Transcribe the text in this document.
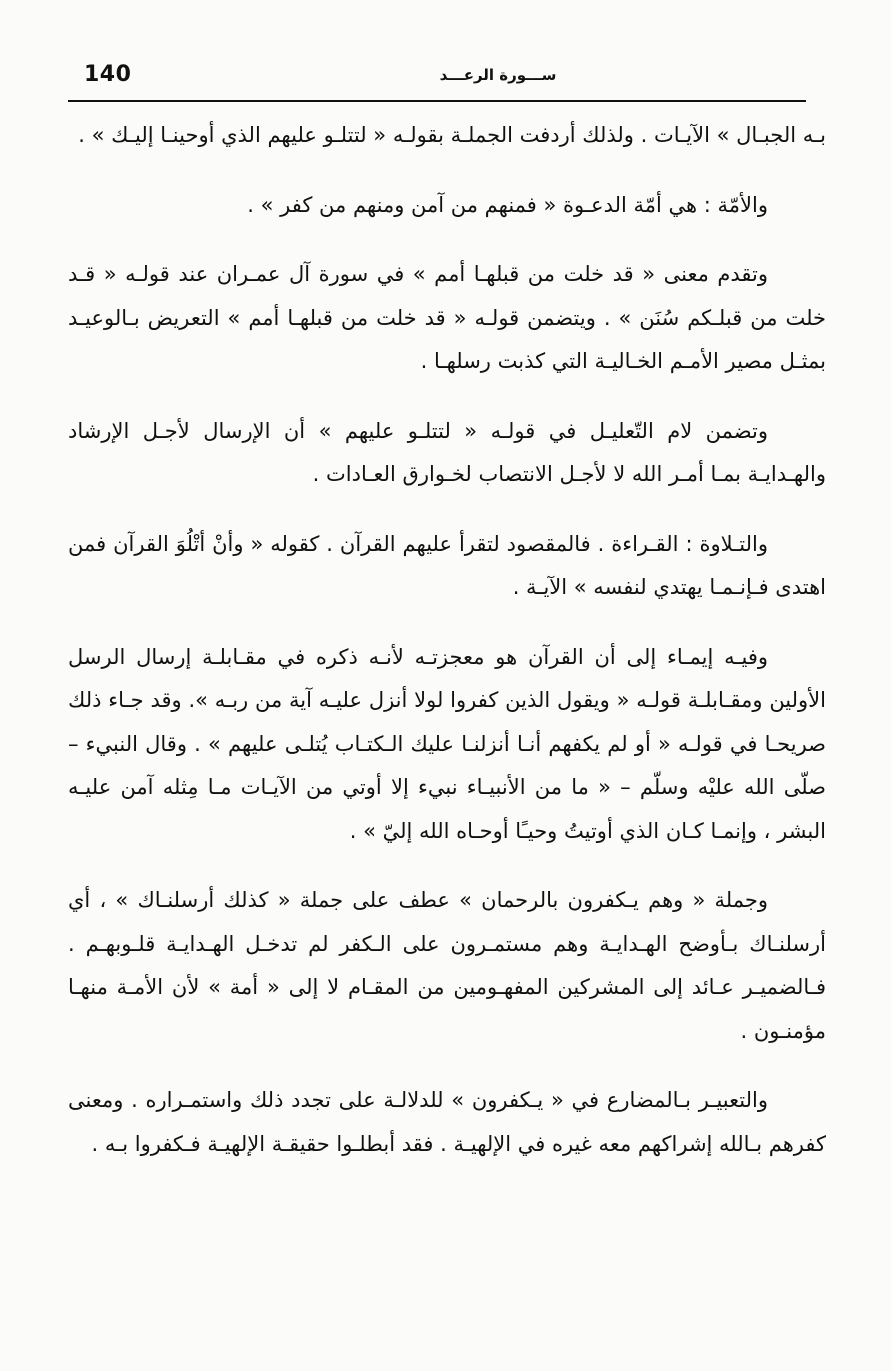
140	ســـورة الرعـــد

بـه الجبـال » الآيـات . ولذلك أردفت الجملـة بقولـه « لتتلـو عليهم الذي أوحينـا إليـك » .

والأمّة : هي أمّة الدعـوة « فمنهم من آمن ومنهم من كفر » .

وتقدم معنى « قد خلت من قبلهـا أمم » في سورة آل عمـران عند قولـه « قـد خلت من قبلـكم سُنَن » . ويتضمن قولـه « قد خلت من قبلهـا أمم » التعريض بـالوعيـد بمثـل مصير الأمـم الخـاليـة التي كذبت رسلهـا .

وتضمن لام التّعليـل في قولـه « لتتلـو عليهم » أن الإرسال لأجـل الإرشاد والهـدايـة بمـا أمـر الله لا لأجـل الانتصاب لخـوارق العـادات .

والتـلاوة : القـراءة . فالمقصود لتقرأ عليهم القرآن . كقوله « وأنْ أتْلُوَ القرآن فمن اهتدى فـإنـمـا يهتدي لنفسه » الآيـة .

وفيـه إيمـاء إلى أن القرآن هو معجزتـه لأنـه ذكره في مقـابلـة إرسال الرسل الأولين ومقـابلـة قولـه « ويقول الذين كفروا لولا أنزل عليـه آية من ربـه ». وقد جـاء ذلك صريحـا في قولـه « أو لم يكفهم أنـا أنزلنـا عليك الـكتـاب يُتلـى عليهم » . وقال النبيء – صلّى الله عليْه وسلّم – « ما من الأنبيـاء نبيء إلا أوتي من الآيـات مـا مِثله آمن عليـه البشر ، وإنمـا كـان الذي أوتيتُ وحيـًا أوحـاه الله إليّ » .

وجملة « وهم يـكفرون بالرحمان » عطف على جملة « كذلك أرسلنـاك » ، أي أرسلنـاك بـأوضح الهـدايـة وهم مستمـرون على الـكفر لم تدخـل الهـدايـة قلـوبهـم . فـالضميـر عـائد إلى المشركين المفهـومين من المقـام لا إلى « أمة » لأن الأمـة منهـا مؤمنـون .

والتعبيـر بـالمضارع في « يـكفرون » للدلالـة على تجدد ذلك واستمـراره . ومعنى كفرهم بـالله إشراكهم معه غيره في الإلهيـة . فقد أبطلـوا حقيقـة الإلهيـة فـكفروا بـه .
